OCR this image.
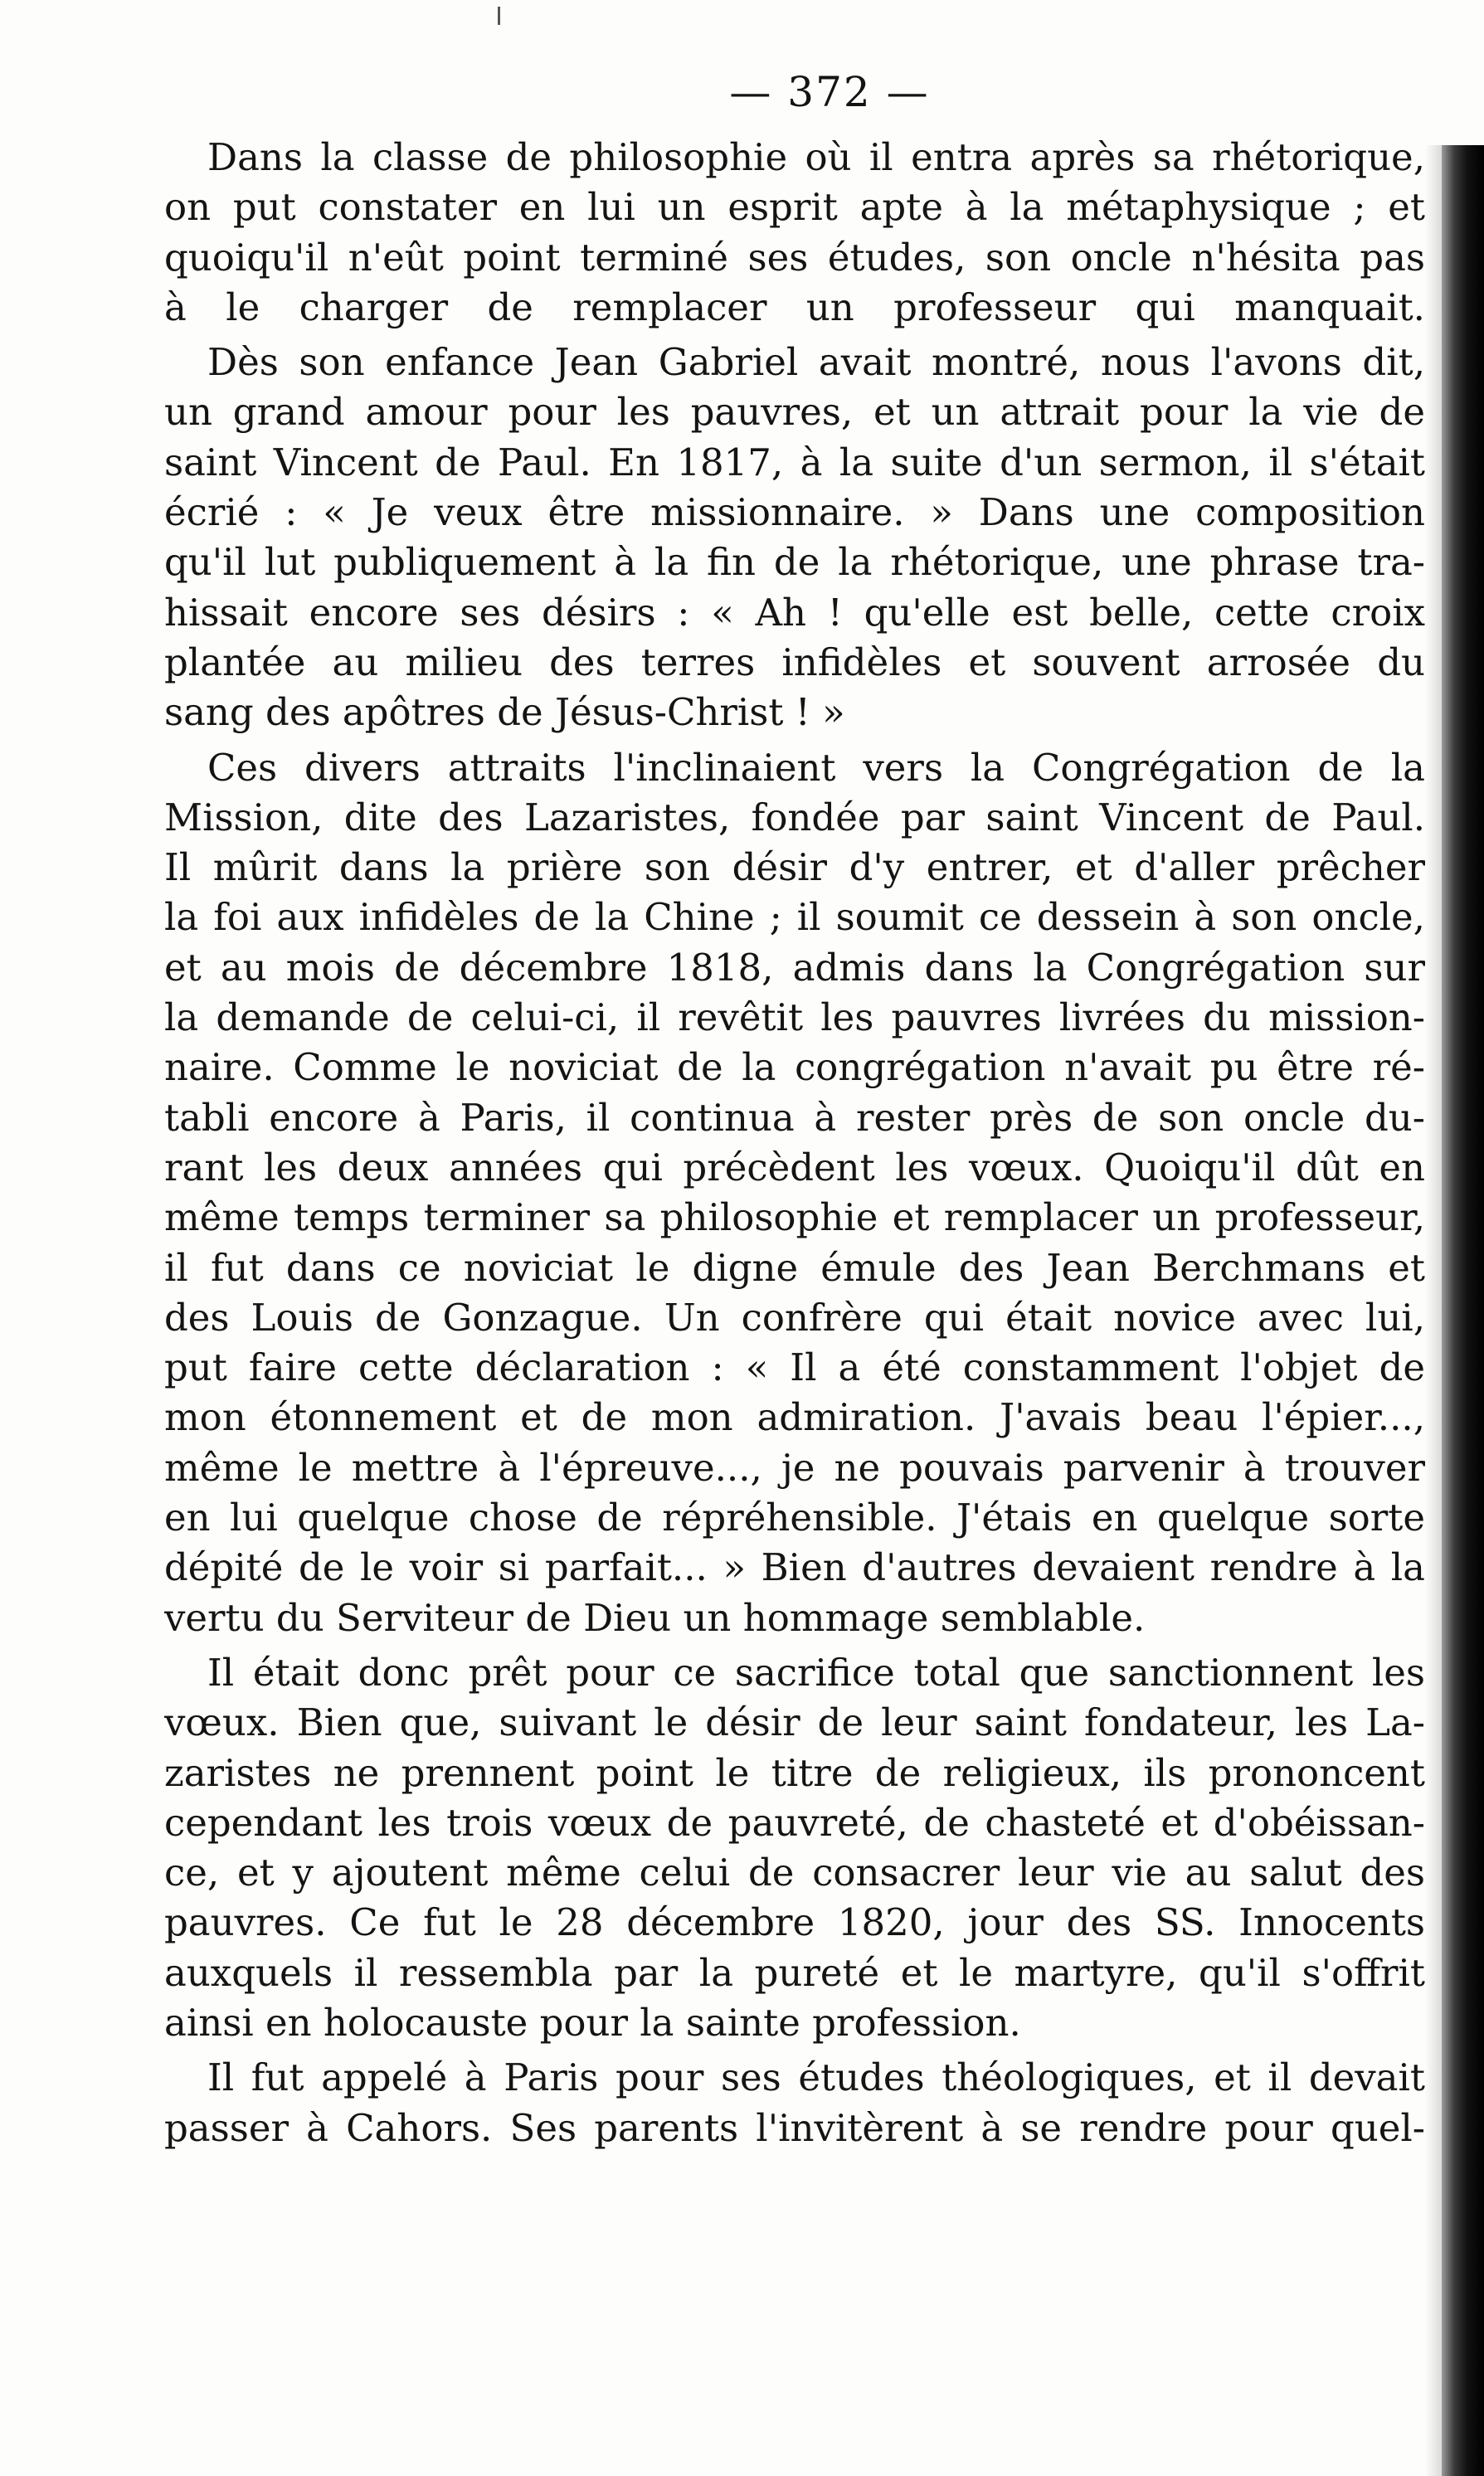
— 372 —
Dans la classe de philosophie où il entra après sa rhétorique,
on put constater en lui un esprit apte à la métaphysique ; et
quoiqu'il n'eût point terminé ses études, son oncle n'hésita pas
à le charger de remplacer un professeur qui manquait.
Dès son enfance Jean Gabriel avait montré, nous l'avons dit,
un grand amour pour les pauvres, et un attrait pour la vie de
saint Vincent de Paul. En 1817, à la suite d'un sermon, il s'était
écrié : « Je veux être missionnaire. » Dans une composition
qu'il lut publiquement à la fin de la rhétorique, une phrase tra-
hissait encore ses désirs : « Ah ! qu'elle est belle, cette croix
plantée au milieu des terres infidèles et souvent arrosée du
sang des apôtres de Jésus-Christ ! »
Ces divers attraits l'inclinaient vers la Congrégation de la
Mission, dite des Lazaristes, fondée par saint Vincent de Paul.
Il mûrit dans la prière son désir d'y entrer, et d'aller prêcher
la foi aux infidèles de la Chine ; il soumit ce dessein à son oncle,
et au mois de décembre 1818, admis dans la Congrégation sur
la demande de celui-ci, il revêtit les pauvres livrées du mission-
naire. Comme le noviciat de la congrégation n'avait pu être ré-
tabli encore à Paris, il continua à rester près de son oncle du-
rant les deux années qui précèdent les vœux. Quoiqu'il dût en
même temps terminer sa philosophie et remplacer un professeur,
il fut dans ce noviciat le digne émule des Jean Berchmans et
des Louis de Gonzague. Un confrère qui était novice avec lui,
put faire cette déclaration : « Il a été constamment l'objet de
mon étonnement et de mon admiration. J'avais beau l'épier...,
même le mettre à l'épreuve..., je ne pouvais parvenir à trouver
en lui quelque chose de répréhensible. J'étais en quelque sorte
dépité de le voir si parfait... » Bien d'autres devaient rendre à la
vertu du Serviteur de Dieu un hommage semblable.
Il était donc prêt pour ce sacrifice total que sanctionnent les
vœux. Bien que, suivant le désir de leur saint fondateur, les La-
zaristes ne prennent point le titre de religieux, ils prononcent
cependant les trois vœux de pauvreté, de chasteté et d'obéissan-
ce, et y ajoutent même celui de consacrer leur vie au salut des
pauvres. Ce fut le 28 décembre 1820, jour des SS. Innocents
auxquels il ressembla par la pureté et le martyre, qu'il s'offrit
ainsi en holocauste pour la sainte profession.
Il fut appelé à Paris pour ses études théologiques, et il devait
passer à Cahors. Ses parents l'invitèrent à se rendre pour quel-
